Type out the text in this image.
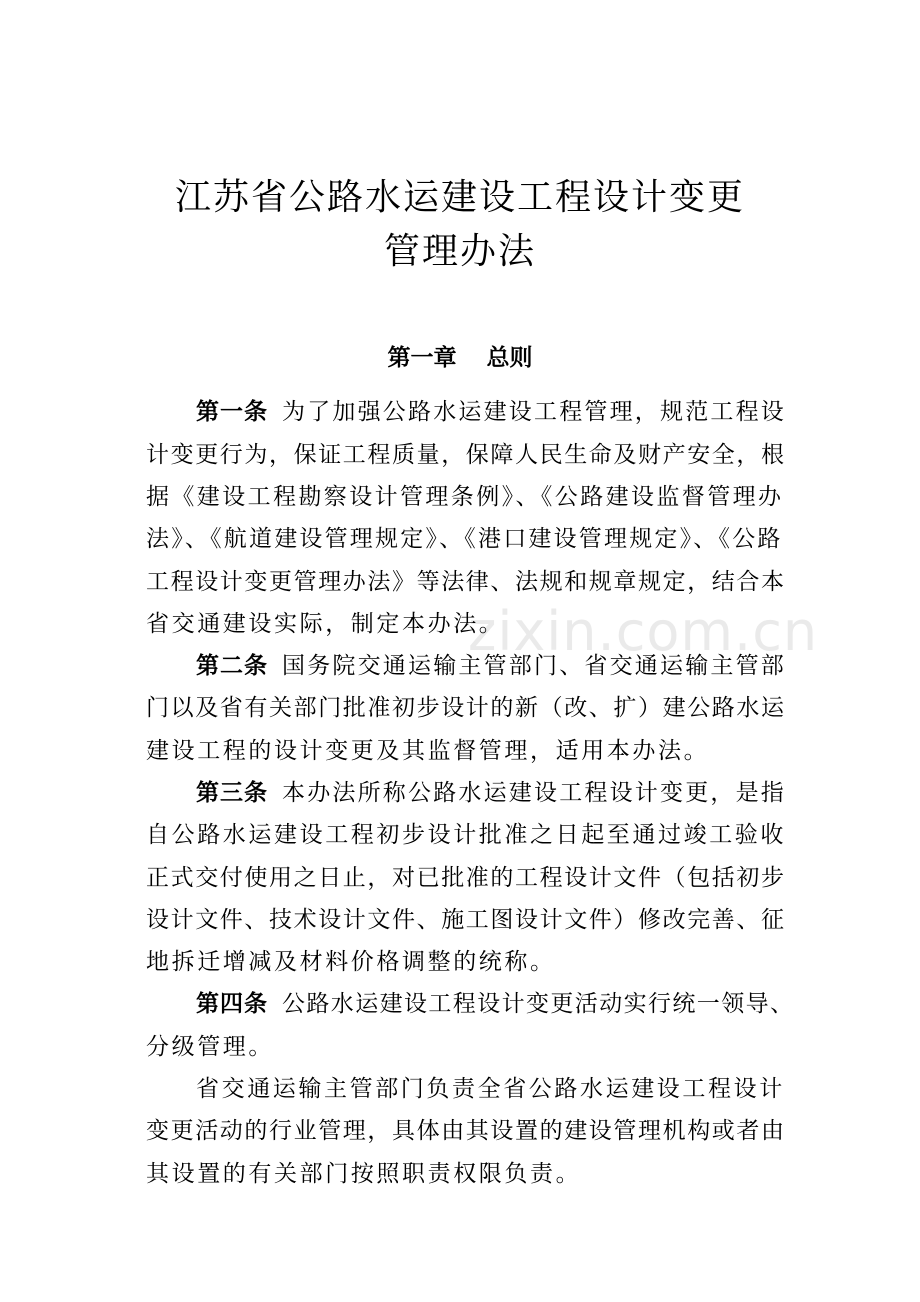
zixin.com.cn
江苏省公路水运建设工程设计变更
管理办法
第一章 总则
第一条 为了加强公路水运建设工程管理，规范工程设
计变更行为，保证工程质量，保障人民生命及财产安全，根
据《建设工程勘察设计管理条例》、《公路建设监督管理办
法》、《航道建设管理规定》、《港口建设管理规定》、《公路
工程设计变更管理办法》等法律、法规和规章规定，结合本
省交通建设实际，制定本办法。
第二条 国务院交通运输主管部门、省交通运输主管部
门以及省有关部门批准初步设计的新（改、扩）建公路水运
建设工程的设计变更及其监督管理，适用本办法。
第三条 本办法所称公路水运建设工程设计变更，是指
自公路水运建设工程初步设计批准之日起至通过竣工验收
正式交付使用之日止，对已批准的工程设计文件（包括初步
设计文件、技术设计文件、施工图设计文件）修改完善、征
地拆迁增减及材料价格调整的统称。
第四条 公路水运建设工程设计变更活动实行统一领导、
分级管理。
省交通运输主管部门负责全省公路水运建设工程设计
变更活动的行业管理，具体由其设置的建设管理机构或者由
其设置的有关部门按照职责权限负责。
